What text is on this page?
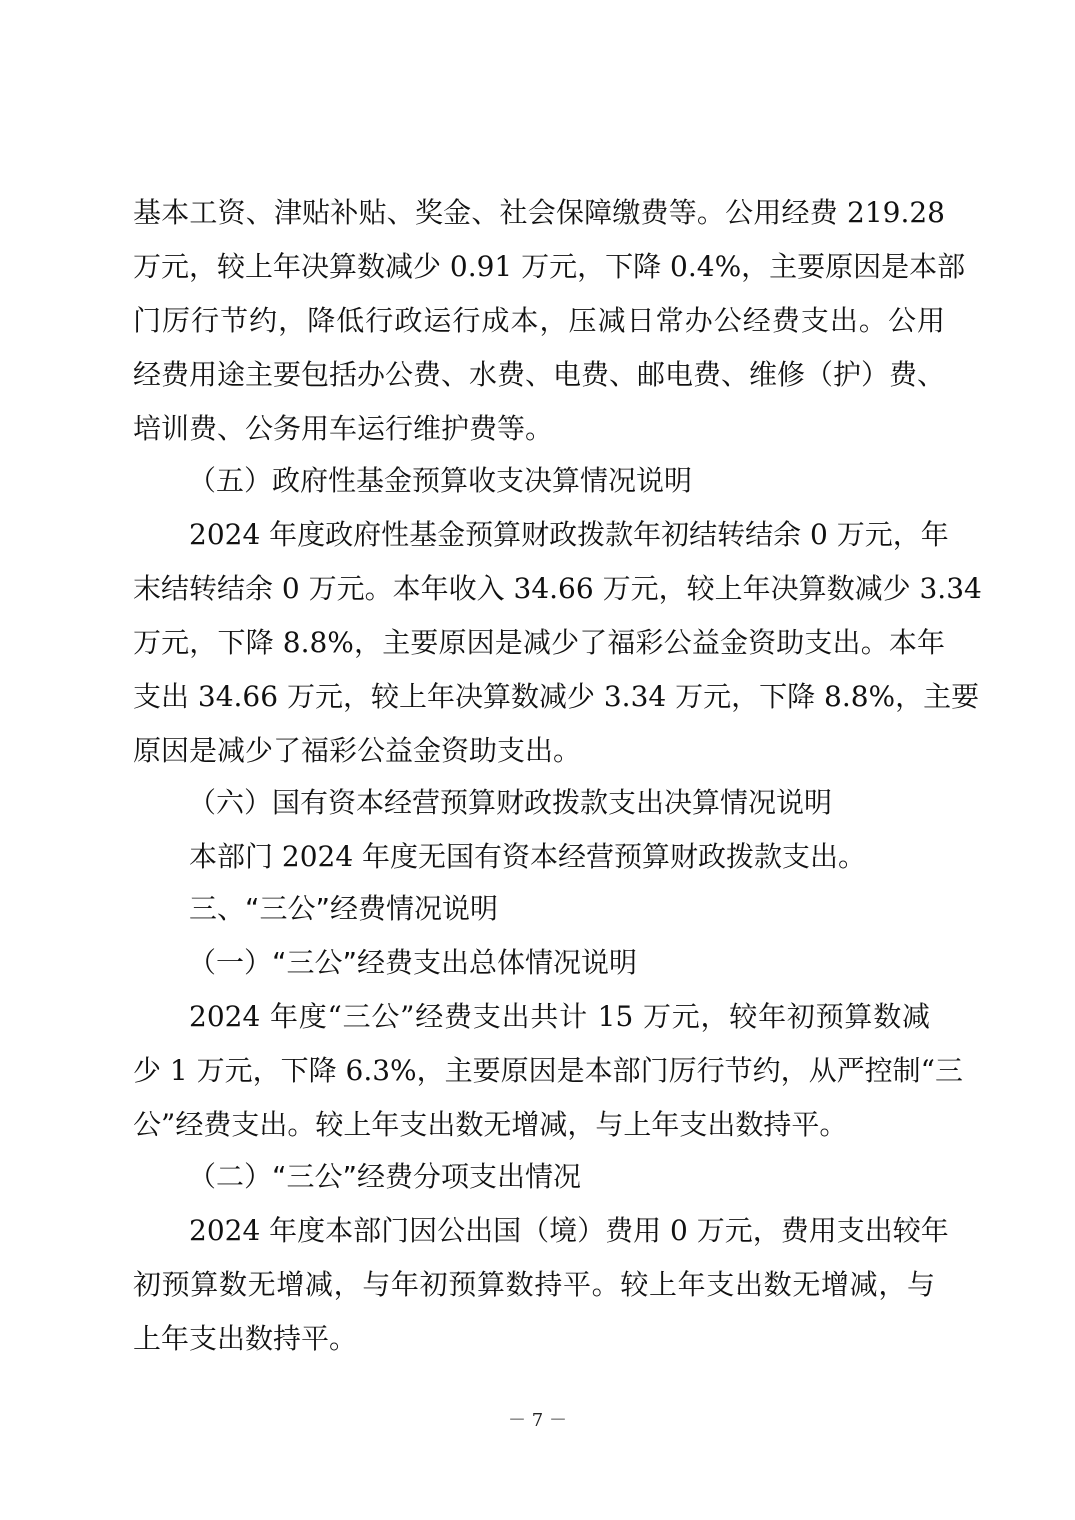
基本工资、津贴补贴、奖金、社会保障缴费等。公用经费 219.28
万元，较上年决算数减少 0.91 万元，下降 0.4%，主要原因是本部
门厉行节约，降低行政运行成本，压减日常办公经费支出。公用
经费用途主要包括办公费、水费、电费、邮电费、维修（护）费、
培训费、公务用车运行维护费等。
（五）政府性基金预算收支决算情况说明
2024 年度政府性基金预算财政拨款年初结转结余 0 万元，年
末结转结余 0 万元。本年收入 34.66 万元，较上年决算数减少 3.34
万元，下降 8.8%，主要原因是减少了福彩公益金资助支出。本年
支出 34.66 万元，较上年决算数减少 3.34 万元，下降 8.8%，主要
原因是减少了福彩公益金资助支出。
（六）国有资本经营预算财政拨款支出决算情况说明
本部门 2024 年度无国有资本经营预算财政拨款支出。
三、“三公”经费情况说明
（一）“三公”经费支出总体情况说明
2024 年度“三公”经费支出共计 15 万元，较年初预算数减
少 1 万元，下降 6.3%，主要原因是本部门厉行节约，从严控制“三
公”经费支出。较上年支出数无增减，与上年支出数持平。
（二）“三公”经费分项支出情况
2024 年度本部门因公出国（境）费用 0 万元，费用支出较年
初预算数无增减，与年初预算数持平。较上年支出数无增减，与
上年支出数持平。
－ 7 －
